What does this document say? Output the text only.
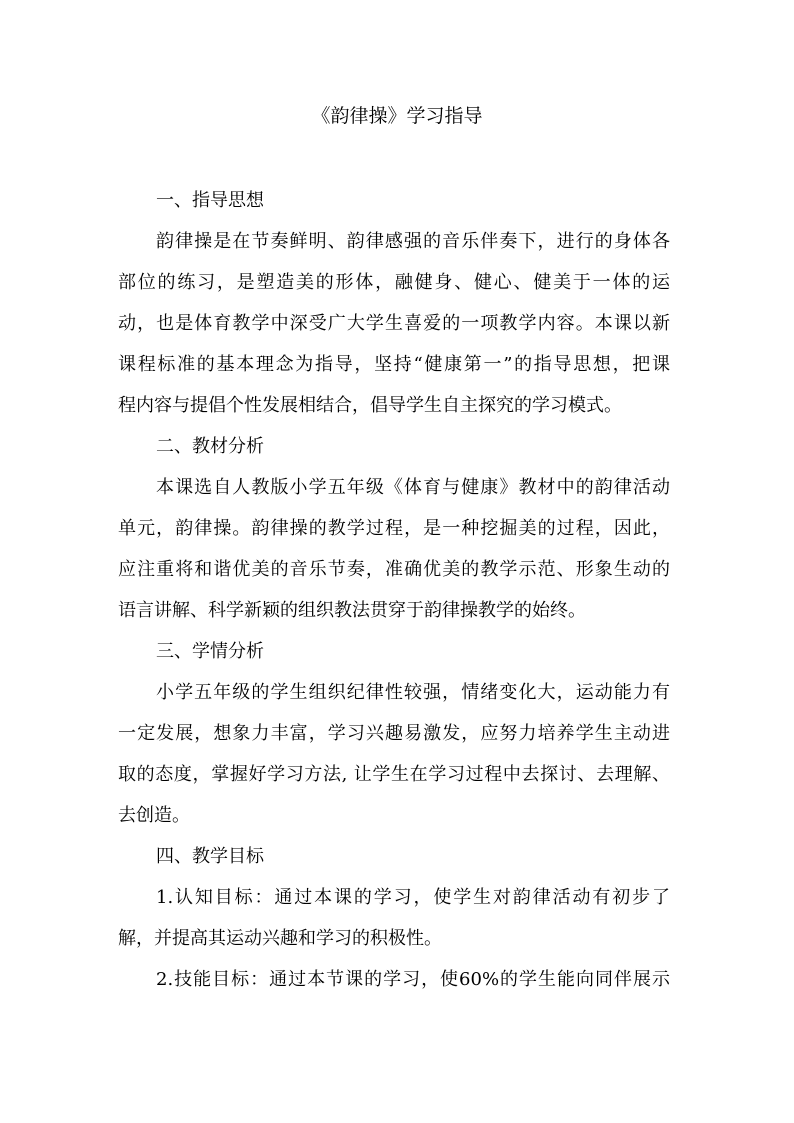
《韵律操》学习指导
一、指导思想
韵律操是在节奏鲜明、韵律感强的音乐伴奏下，进行的身体各
部位的练习，是塑造美的形体，融健身、健心、健美于一体的运
动，也是体育教学中深受广大学生喜爱的一项教学内容。本课以新
课程标准的基本理念为指导，坚持“健康第一”的指导思想，把课
程内容与提倡个性发展相结合，倡导学生自主探究的学习模式。
二、教材分析
本课选自人教版小学五年级《体育与健康》教材中的韵律活动
单元，韵律操。韵律操的教学过程，是一种挖掘美的过程，因此，
应注重将和谐优美的音乐节奏，准确优美的教学示范、形象生动的
语言讲解、科学新颖的组织教法贯穿于韵律操教学的始终。
三、学情分析
小学五年级的学生组织纪律性较强，情绪变化大，运动能力有
一定发展，想象力丰富，学习兴趣易激发，应努力培养学生主动进
取的态度，掌握好学习方法, 让学生在学习过程中去探讨、去理解、
去创造。
四、教学目标
1.认知目标：通过本课的学习，使学生对韵律活动有初步了
解，并提高其运动兴趣和学习的积极性。
2.技能目标：通过本节课的学习，使60%的学生能向同伴展示
